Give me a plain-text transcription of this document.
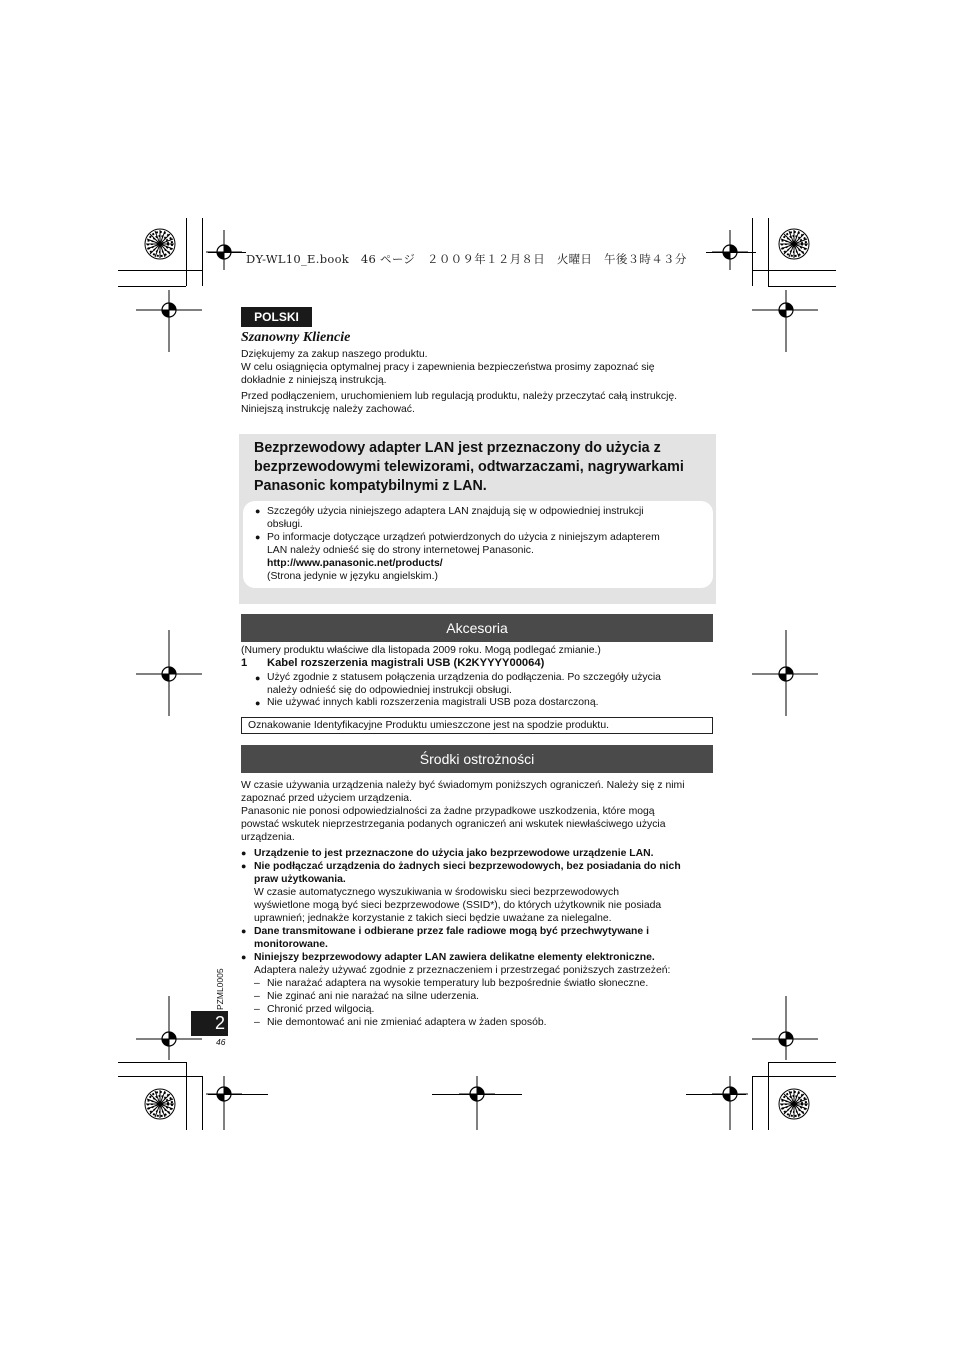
DY-WL10_E.book　46 ページ　２００９年１２月８日　火曜日　午後３時４３分
POLSKI
Szanowny Kliencie
Dziękujemy za zakup naszego produktu.
W celu osiągnięcia optymalnej pracy i zapewnienia bezpieczeństwa prosimy zapoznać się
dokładnie z niniejszą instrukcją.
Przed podłączeniem, uruchomieniem lub regulacją produktu, należy przeczytać całą instrukcję.
Niniejszą instrukcję należy zachować.
Bezprzewodowy adapter LAN jest przeznaczony do użycia z
bezprzewodowymi telewizorami, odtwarzaczami, nagrywarkami
Panasonic kompatybilnymi z LAN.
● Szczegóły użycia niniejszego adaptera LAN znajdują się w odpowiedniej instrukcji
obsługi.
● Po informacje dotyczące urządzeń potwierdzonych do użycia z niniejszym adapterem
LAN należy odnieść się do strony internetowej Panasonic.
http://www.panasonic.net/products/
(Strona jedynie w języku angielskim.)
Akcesoria
(Numery produktu właściwe dla listopada 2009 roku. Mogą podlegać zmianie.)
1 Kabel rozszerzenia magistrali USB (K2KYYYY00064)
● Użyć zgodnie z statusem połączenia urządzenia do podłączenia. Po szczegóły użycia
należy odnieść się do odpowiedniej instrukcji obsługi.
● Nie używać innych kabli rozszerzenia magistrali USB poza dostarczoną.
Oznakowanie Identyfikacyjne Produktu umieszczone jest na spodzie produktu.
Środki ostrożności
W czasie używania urządzenia należy być świadomym poniższych ograniczeń. Należy się z nimi
zapoznać przed użyciem urządzenia.
Panasonic nie ponosi odpowiedzialności za żadne przypadkowe uszkodzenia, które mogą
powstać wskutek nieprzestrzegania podanych ograniczeń ani wskutek niewłaściwego użycia
urządzenia.
● Urządzenie to jest przeznaczone do użycia jako bezprzewodowe urządzenie LAN.
● Nie podłączać urządzenia do żadnych sieci bezprzewodowych, bez posiadania do nich
praw użytkowania.
W czasie automatycznego wyszukiwania w środowisku sieci bezprzewodowych
wyświetlone mogą być sieci bezprzewodowe (SSID*), do których użytkownik nie posiada
uprawnień; jednakże korzystanie z takich sieci będzie uważane za nielegalne.
● Dane transmitowane i odbierane przez fale radiowe mogą być przechwytywane i
monitorowane.
● Niniejszy bezprzewodowy adapter LAN zawiera delikatne elementy elektroniczne.
Adaptera należy używać zgodnie z przeznaczeniem i przestrzegać poniższych zastrzeżeń:
– Nie narażać adaptera na wysokie temperatury lub bezpośrednie światło słoneczne.
– Nie zginać ani nie narażać na silne uderzenia.
– Chronić przed wilgocią.
– Nie demontować ani nie zmieniać adaptera w żaden sposób.
PZML0005
2
46
